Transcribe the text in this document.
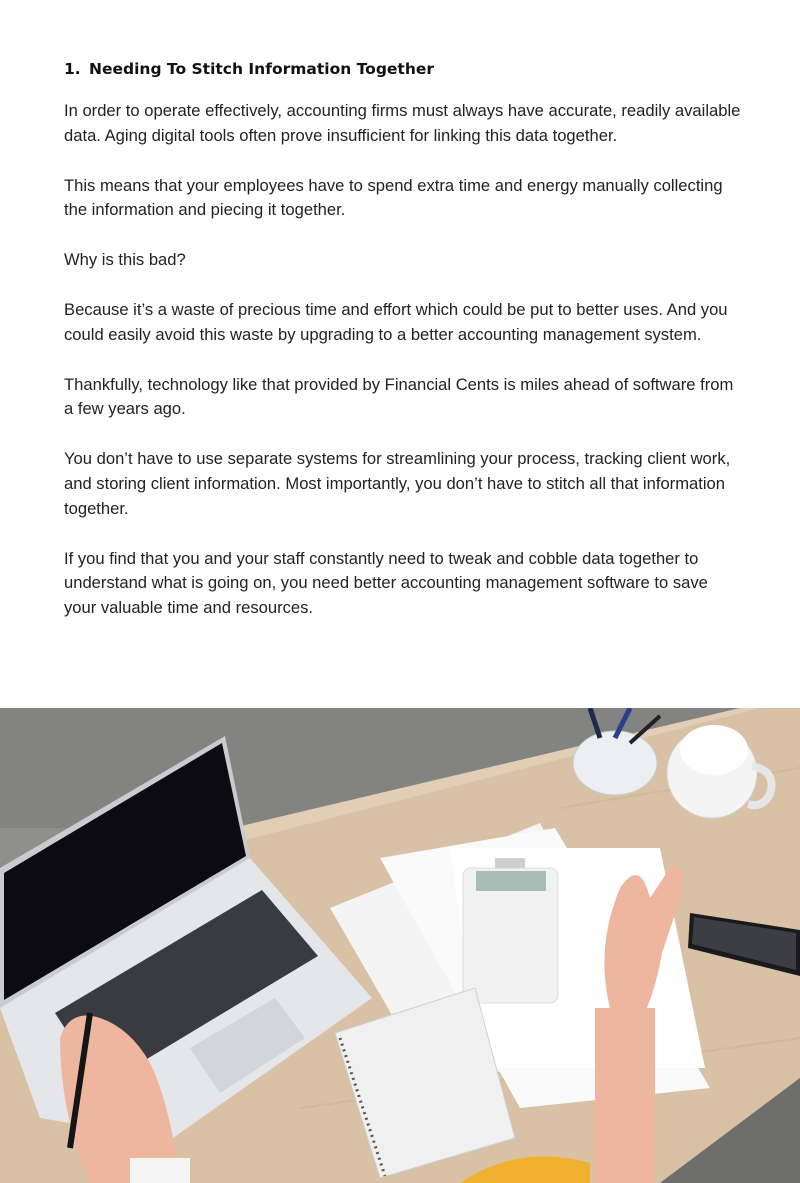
1. Needing To Stitch Information Together

In order to operate effectively, accounting firms must always have accurate, readily available data. Aging digital tools often prove insufficient for linking this data together.

This means that your employees have to spend extra time and energy manually collecting the information and piecing it together.

Why is this bad?

Because it’s a waste of precious time and effort which could be put to better uses. And you could easily avoid this waste by upgrading to a better accounting management system.

Thankfully, technology like that provided by Financial Cents is miles ahead of software from a few years ago.

You don’t have to use separate systems for streamlining your process, tracking client work, and storing client information. Most importantly, you don’t have to stitch all that information together.

If you find that you and your staff constantly need to tweak and cobble data together to understand what is going on, you need better accounting management software to save your valuable time and resources.
